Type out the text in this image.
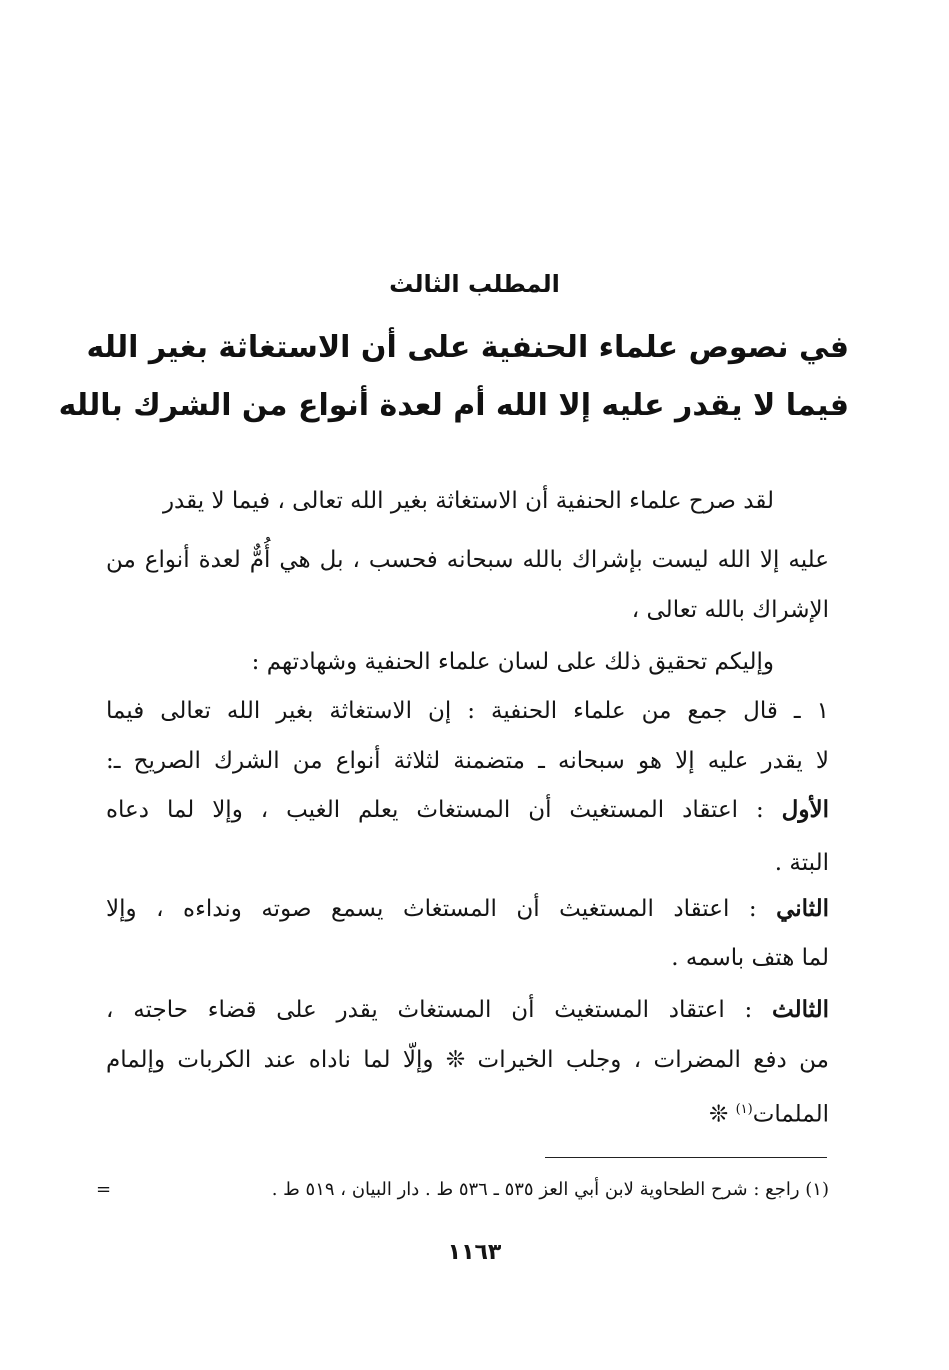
المطلب الثالث
في نصوص علماء الحنفية على أن الاستغاثة بغير الله
فيما لا يقدر عليه إلا الله أم لعدة أنواع من الشرك بالله
لقد صرح علماء الحنفية أن الاستغاثة بغير الله تعالى ، فيما لا يقدر
عليه إلا الله ليست بإشراك بالله سبحانه فحسب ، بل هي أُمٌّ لعدة أنواع من
الإشراك بالله تعالى ،
وإليكم تحقيق ذلك على لسان علماء الحنفية وشهادتهم :
١ ـ قال جمع من علماء الحنفية : إن الاستغاثة بغير الله تعالى فيما
لا يقدر عليه إلا هو سبحانه ـ متضمنة لثلاثة أنواع من الشرك الصريح ـ:
الأول : اعتقاد المستغيث أن المستغاث يعلم الغيب ، وإلا لما دعاه
البتة .
الثاني : اعتقاد المستغيث أن المستغاث يسمع صوته ونداءه ، وإلا
لما هتف باسمه .
الثالث : اعتقاد المستغيث أن المستغاث يقدر على قضاء حاجته ،
من دفع المضرات ، وجلب الخيرات ❊ وإلّا لما ناداه عند الكربات وإلمام
الملمات$^{(١)}$ ❊
(١) راجع : شرح الطحاوية لابن أبي العز ٥٣٥ ـ ٥٣٦ ط . دار البيان ، ٥١٩ ط .
=
١١٦٣
